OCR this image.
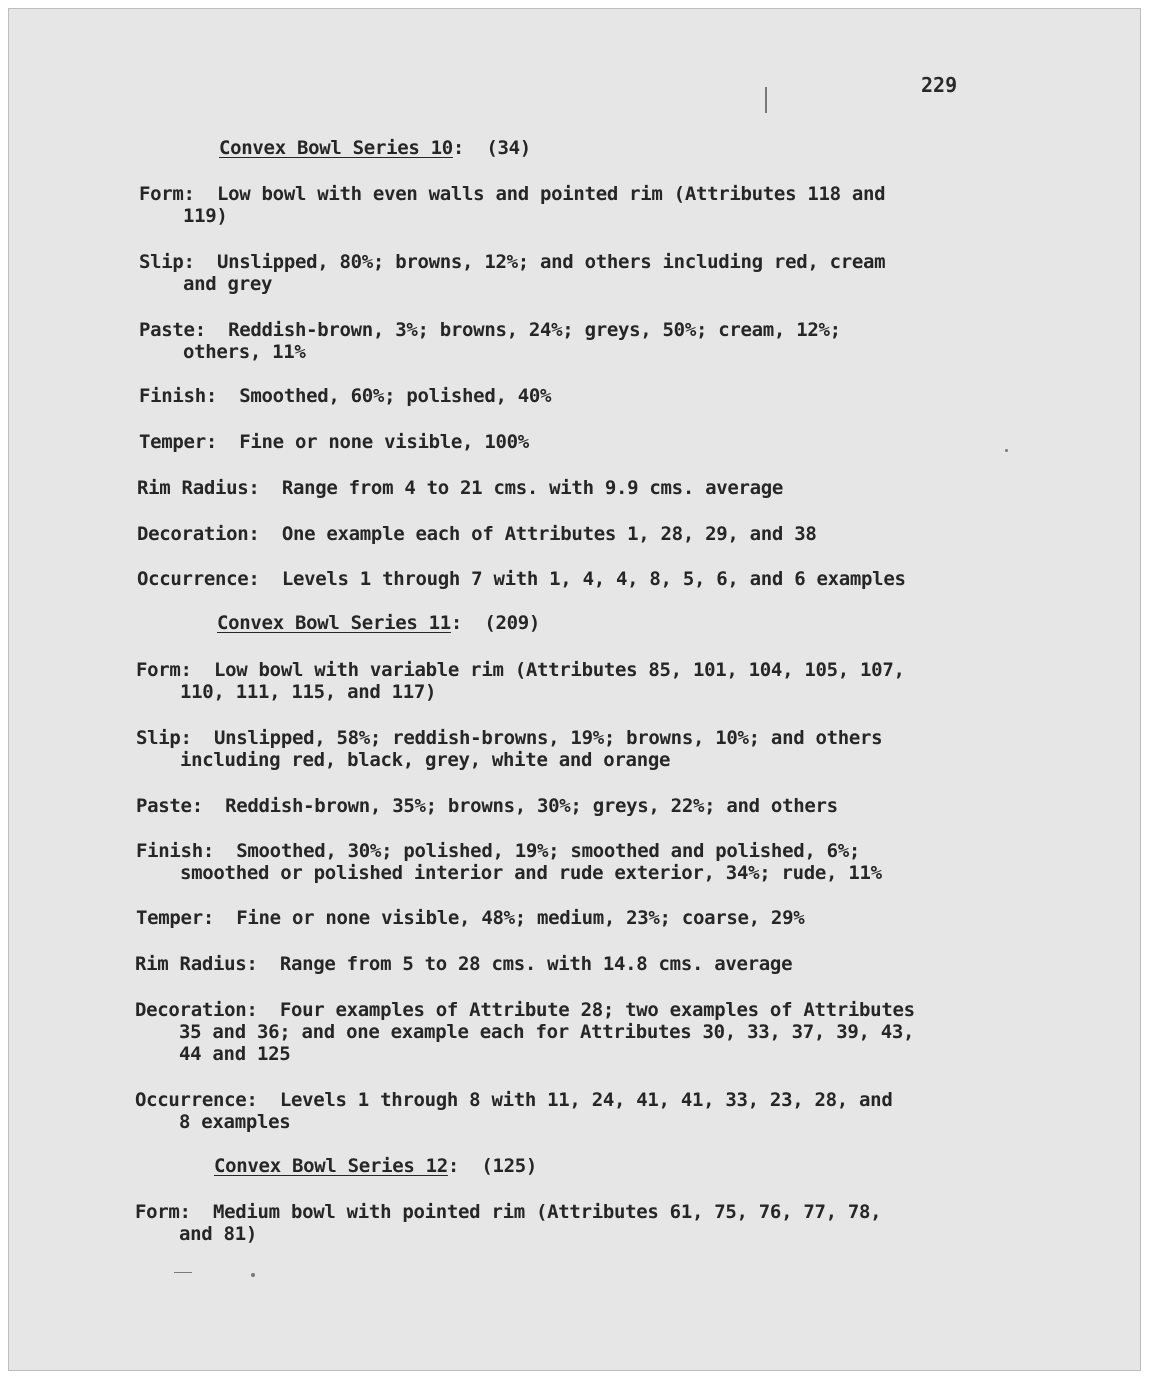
229
Convex Bowl Series 10:  (34)
Form: Low bowl with even walls and pointed rim (Attributes 118 and
119)
Slip: Unslipped, 80%; browns, 12%; and others including red, cream
and grey
Paste: Reddish-brown, 3%; browns, 24%; greys, 50%; cream, 12%;
others, 11%
Finish: Smoothed, 60%; polished, 40%
Temper: Fine or none visible, 100%
Rim Radius: Range from 4 to 21 cms. with 9.9 cms. average
Decoration: One example each of Attributes 1, 28, 29, and 38
Occurrence: Levels 1 through 7 with 1, 4, 4, 8, 5, 6, and 6 examples
Convex Bowl Series 11:  (209)
Form: Low bowl with variable rim (Attributes 85, 101, 104, 105, 107,
110, 111, 115, and 117)
Slip: Unslipped, 58%; reddish-browns, 19%; browns, 10%; and others
including red, black, grey, white and orange
Paste: Reddish-brown, 35%; browns, 30%; greys, 22%; and others
Finish: Smoothed, 30%; polished, 19%; smoothed and polished, 6%;
smoothed or polished interior and rude exterior, 34%; rude, 11%
Temper: Fine or none visible, 48%; medium, 23%; coarse, 29%
Rim Radius: Range from 5 to 28 cms. with 14.8 cms. average
Decoration: Four examples of Attribute 28; two examples of Attributes
35 and 36; and one example each for Attributes 30, 33, 37, 39, 43,
44 and 125
Occurrence: Levels 1 through 8 with 11, 24, 41, 41, 33, 23, 28, and
8 examples
Convex Bowl Series 12:  (125)
Form: Medium bowl with pointed rim (Attributes 61, 75, 76, 77, 78,
and 81)
